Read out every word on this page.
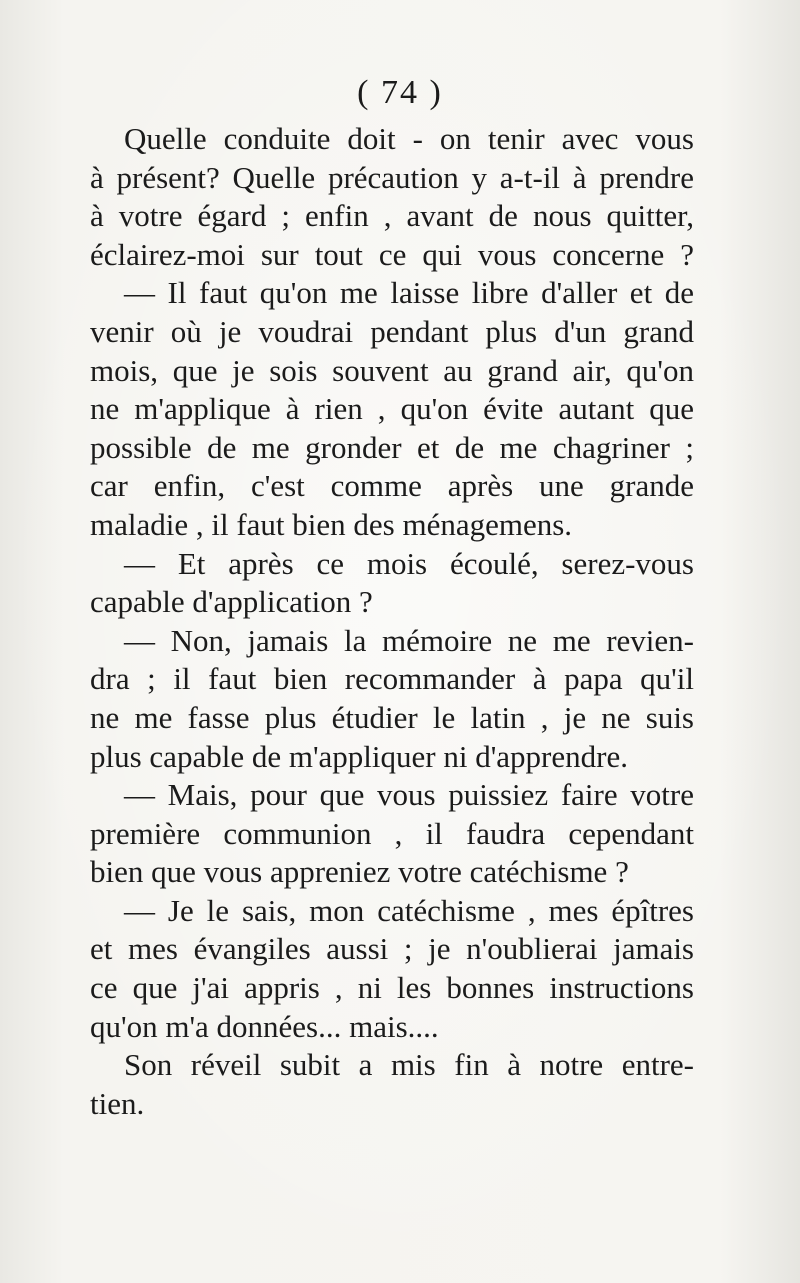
( 74 )
Quelle conduite doit - on tenir avec vous
à présent? Quelle précaution y a-t-il à prendre
à votre égard ; enfin , avant de nous quitter,
éclairez-moi sur tout ce qui vous concerne ?
— Il faut qu'on me laisse libre d'aller et de
venir où je voudrai pendant plus d'un grand
mois, que je sois souvent au grand air, qu'on
ne m'applique à rien , qu'on évite autant que
possible de me gronder et de me chagriner ;
car enfin, c'est comme après une grande
maladie , il faut bien des ménagemens.
— Et après ce mois écoulé, serez-vous
capable d'application ?
— Non, jamais la mémoire ne me revien-
dra ; il faut bien recommander à papa qu'il
ne me fasse plus étudier le latin , je ne suis
plus capable de m'appliquer ni d'apprendre.
— Mais, pour que vous puissiez faire votre
première communion , il faudra cependant
bien que vous appreniez votre catéchisme ?
— Je le sais, mon catéchisme , mes épîtres
et mes évangiles aussi ; je n'oublierai jamais
ce que j'ai appris , ni les bonnes instructions
qu'on m'a données... mais....
Son réveil subit a mis fin à notre entre-
tien.
